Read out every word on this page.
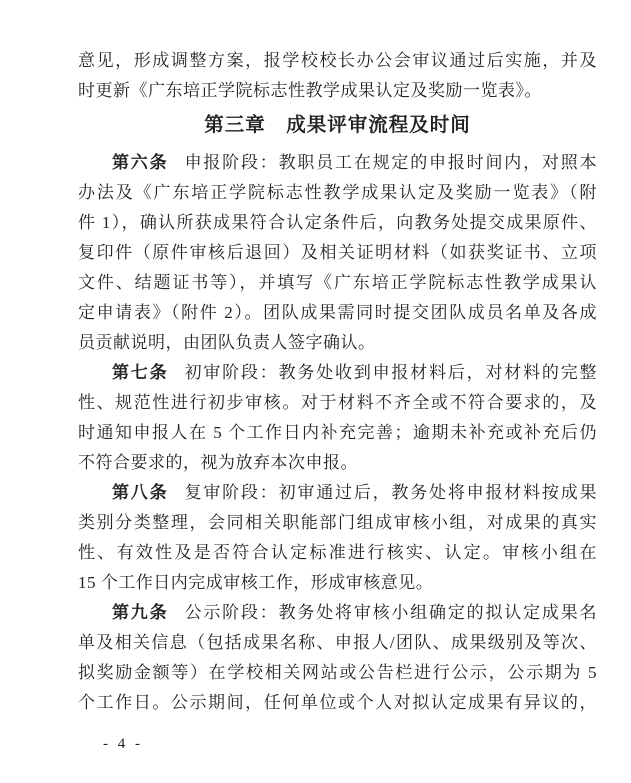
意见，形成调整方案，报学校校长办公会审议通过后实施，并及
时更新《广东培正学院标志性教学成果认定及奖励一览表》。
第三章　成果评审流程及时间
第六条 申报阶段：教职员工在规定的申报时间内，对照本
办法及《广东培正学院标志性教学成果认定及奖励一览表》（附
件 1），确认所获成果符合认定条件后，向教务处提交成果原件、
复印件（原件审核后退回）及相关证明材料（如获奖证书、立项
文件、结题证书等），并填写《广东培正学院标志性教学成果认
定申请表》（附件 2）。团队成果需同时提交团队成员名单及各成
员贡献说明，由团队负责人签字确认。
第七条 初审阶段：教务处收到申报材料后，对材料的完整
性、规范性进行初步审核。对于材料不齐全或不符合要求的，及
时通知申报人在 5 个工作日内补充完善；逾期未补充或补充后仍
不符合要求的，视为放弃本次申报。
第八条 复审阶段：初审通过后，教务处将申报材料按成果
类别分类整理，会同相关职能部门组成审核小组，对成果的真实
性、有效性及是否符合认定标准进行核实、认定。审核小组在
15 个工作日内完成审核工作，形成审核意见。
第九条 公示阶段：教务处将审核小组确定的拟认定成果名
单及相关信息（包括成果名称、申报人/团队、成果级别及等次、
拟奖励金额等）在学校相关网站或公告栏进行公示，公示期为 5
个工作日。公示期间，任何单位或个人对拟认定成果有异议的，
- 4 -
